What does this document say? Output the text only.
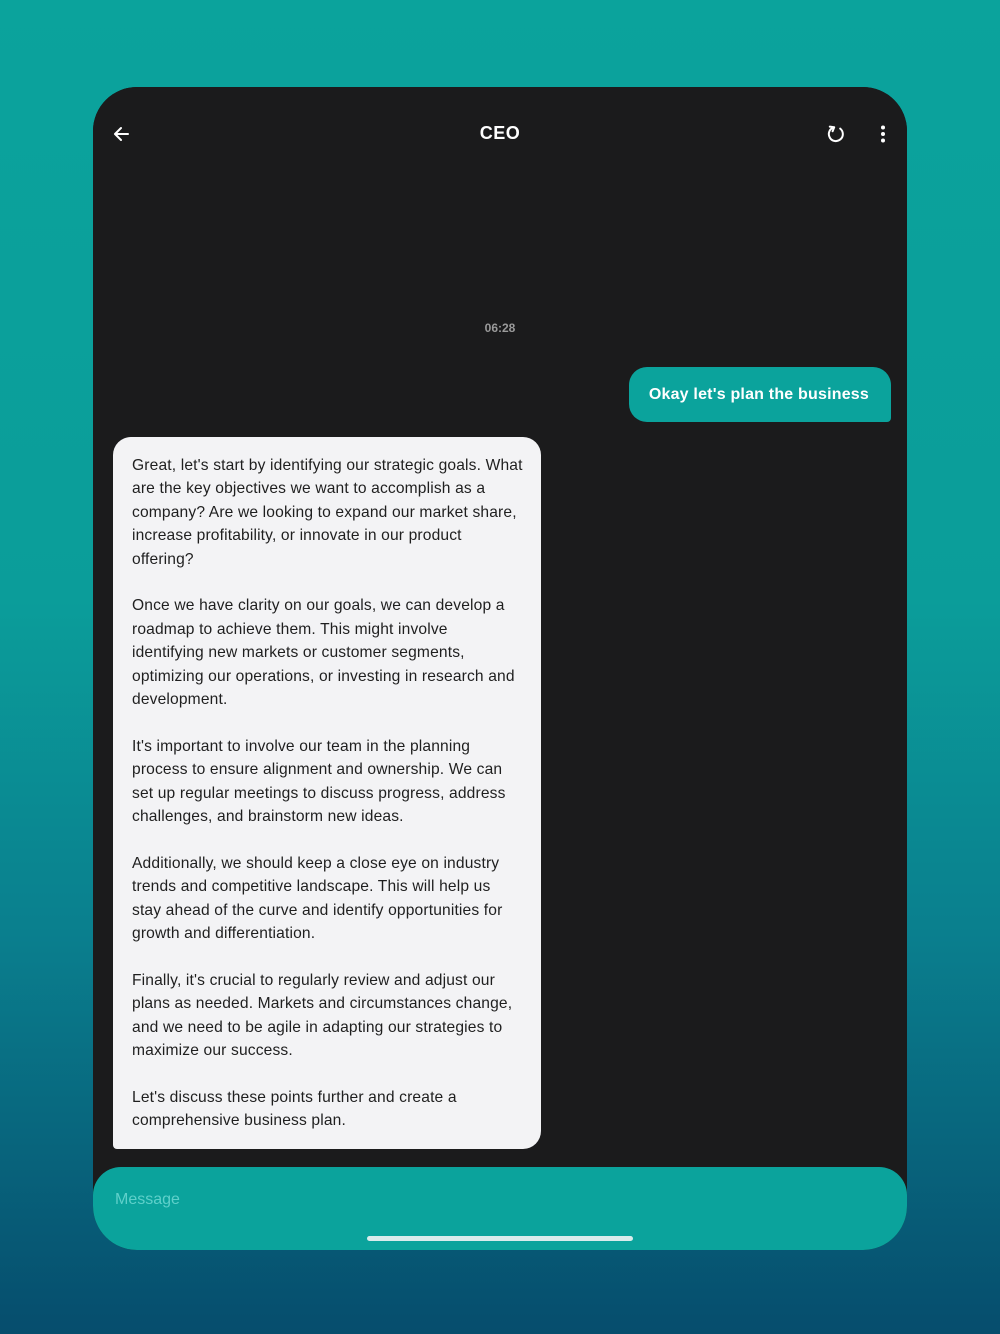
CEO
06:28
Okay let's plan the business

Great, let's start by identifying our strategic goals. What are the key objectives we want to accomplish as a company? Are we looking to expand our market share, increase profitability, or innovate in our product offering?

Once we have clarity on our goals, we can develop a roadmap to achieve them. This might involve identifying new markets or customer segments, optimizing our operations, or investing in research and development.

It's important to involve our team in the planning process to ensure alignment and ownership. We can set up regular meetings to discuss progress, address challenges, and brainstorm new ideas.

Additionally, we should keep a close eye on industry trends and competitive landscape. This will help us stay ahead of the curve and identify opportunities for growth and differentiation.

Finally, it's crucial to regularly review and adjust our plans as needed. Markets and circumstances change, and we need to be agile in adapting our strategies to maximize our success.

Let's discuss these points further and create a comprehensive business plan.

Message
